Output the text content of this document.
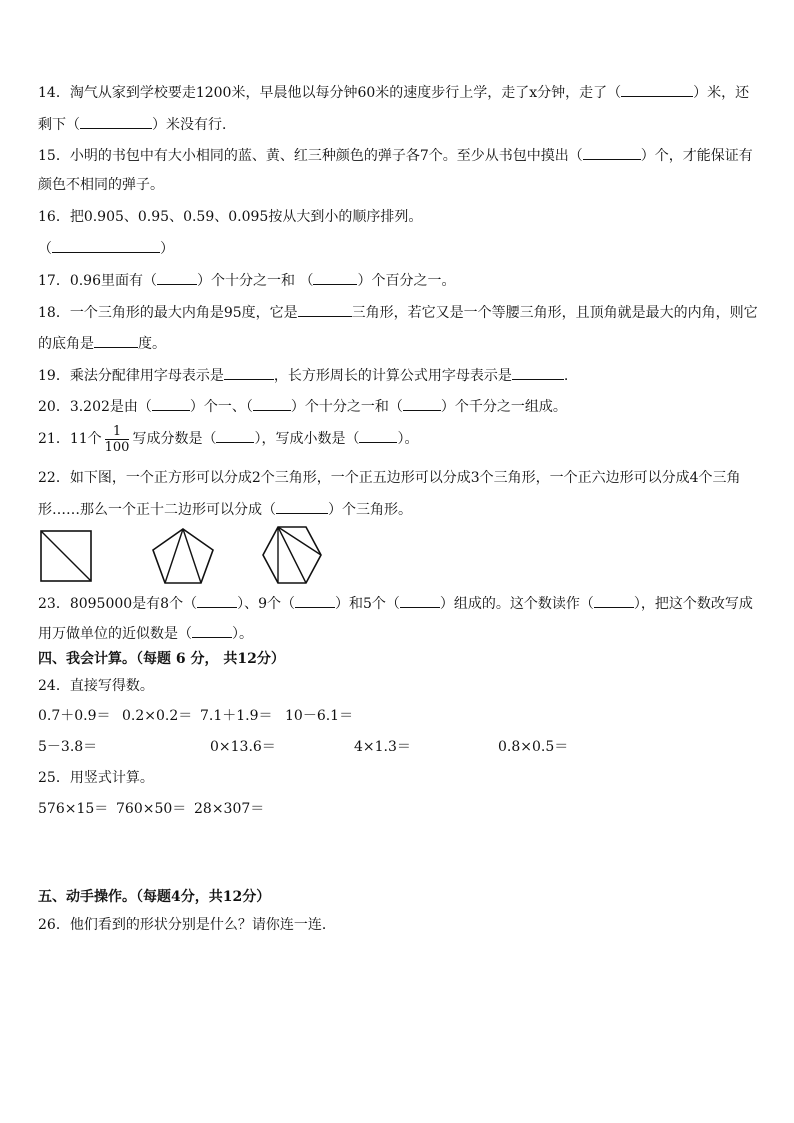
14．淘气从家到学校要走1200米，早晨他以每分钟60米的速度步行上学，走了x分钟，走了（	）米，还
剩下（	）米没有行．
15．小明的书包中有大小相同的蓝、黄、红三种颜色的弹子各7个。至少从书包中摸出（	）个，才能保证有
颜色不相同的弹子。
16．把0.905、0.95、0.59、0.095按从大到小的顺序排列。
（	）
17．0.96里面有（	）个十分之一和 （	）个百分之一。
18．一个三角形的最大内角是95度，它是	三角形，若它又是一个等腰三角形，且顶角就是最大的内角，则它
的底角是	度。
19．乘法分配律用字母表示是	，长方形周长的计算公式用字母表示是	.
20．3.202是由（	）个一、（	）个十分之一和（	）个千分之一组成。
21．11个 $\frac{1}{100}$ 写成分数是（	），写成小数是（	）。
22．如下图，一个正方形可以分成2个三角形，一个正五边形可以分成3个三角形，一个正六边形可以分成4个三角
形……那么一个正十二边形可以分成（	）个三角形。
23．8095000是有8个（	）、9个（	）和5个（	）组成的。这个数读作（	），把这个数改写成
用万做单位的近似数是（	）。
四、我会计算。（每题 6 分， 共12分）
24．直接写得数。
0.7＋0.9＝ 0.2×0.2＝ 7.1＋1.9＝ 10－6.1＝
5－3.8＝	0×13.6＝	4×1.3＝	0.8×0.5＝
25．用竖式计算。
576×15＝ 760×50＝ 28×307＝
五、动手操作。（每题4分，共12分）
26．他们看到的形状分别是什么？请你连一连．
